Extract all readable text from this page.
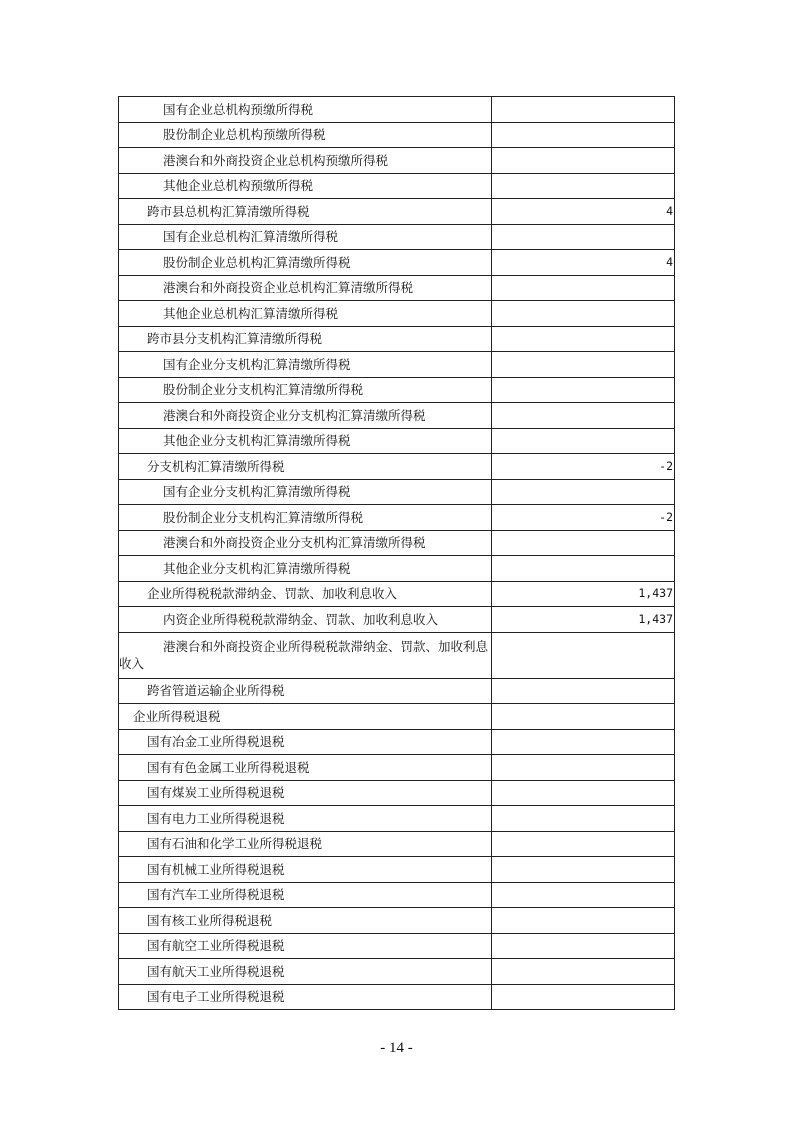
国有企业总机构预缴所得税	
股份制企业总机构预缴所得税	
港澳台和外商投资企业总机构预缴所得税	
其他企业总机构预缴所得税	
跨市县总机构汇算清缴所得税	4
国有企业总机构汇算清缴所得税	
股份制企业总机构汇算清缴所得税	4
港澳台和外商投资企业总机构汇算清缴所得税	
其他企业总机构汇算清缴所得税	
跨市县分支机构汇算清缴所得税	
国有企业分支机构汇算清缴所得税	
股份制企业分支机构汇算清缴所得税	
港澳台和外商投资企业分支机构汇算清缴所得税	
其他企业分支机构汇算清缴所得税	
分支机构汇算清缴所得税	-2
国有企业分支机构汇算清缴所得税	
股份制企业分支机构汇算清缴所得税	-2
港澳台和外商投资企业分支机构汇算清缴所得税	
其他企业分支机构汇算清缴所得税	
企业所得税税款滞纳金、罚款、加收利息收入	1,437
内资企业所得税税款滞纳金、罚款、加收利息收入	1,437
港澳台和外商投资企业所得税税款滞纳金、罚款、加收利息收入	
跨省管道运输企业所得税	
企业所得税退税	
国有冶金工业所得税退税	
国有有色金属工业所得税退税	
国有煤炭工业所得税退税	
国有电力工业所得税退税	
国有石油和化学工业所得税退税	
国有机械工业所得税退税	
国有汽车工业所得税退税	
国有核工业所得税退税	
国有航空工业所得税退税	
国有航天工业所得税退税	
国有电子工业所得税退税	
- 14 -
